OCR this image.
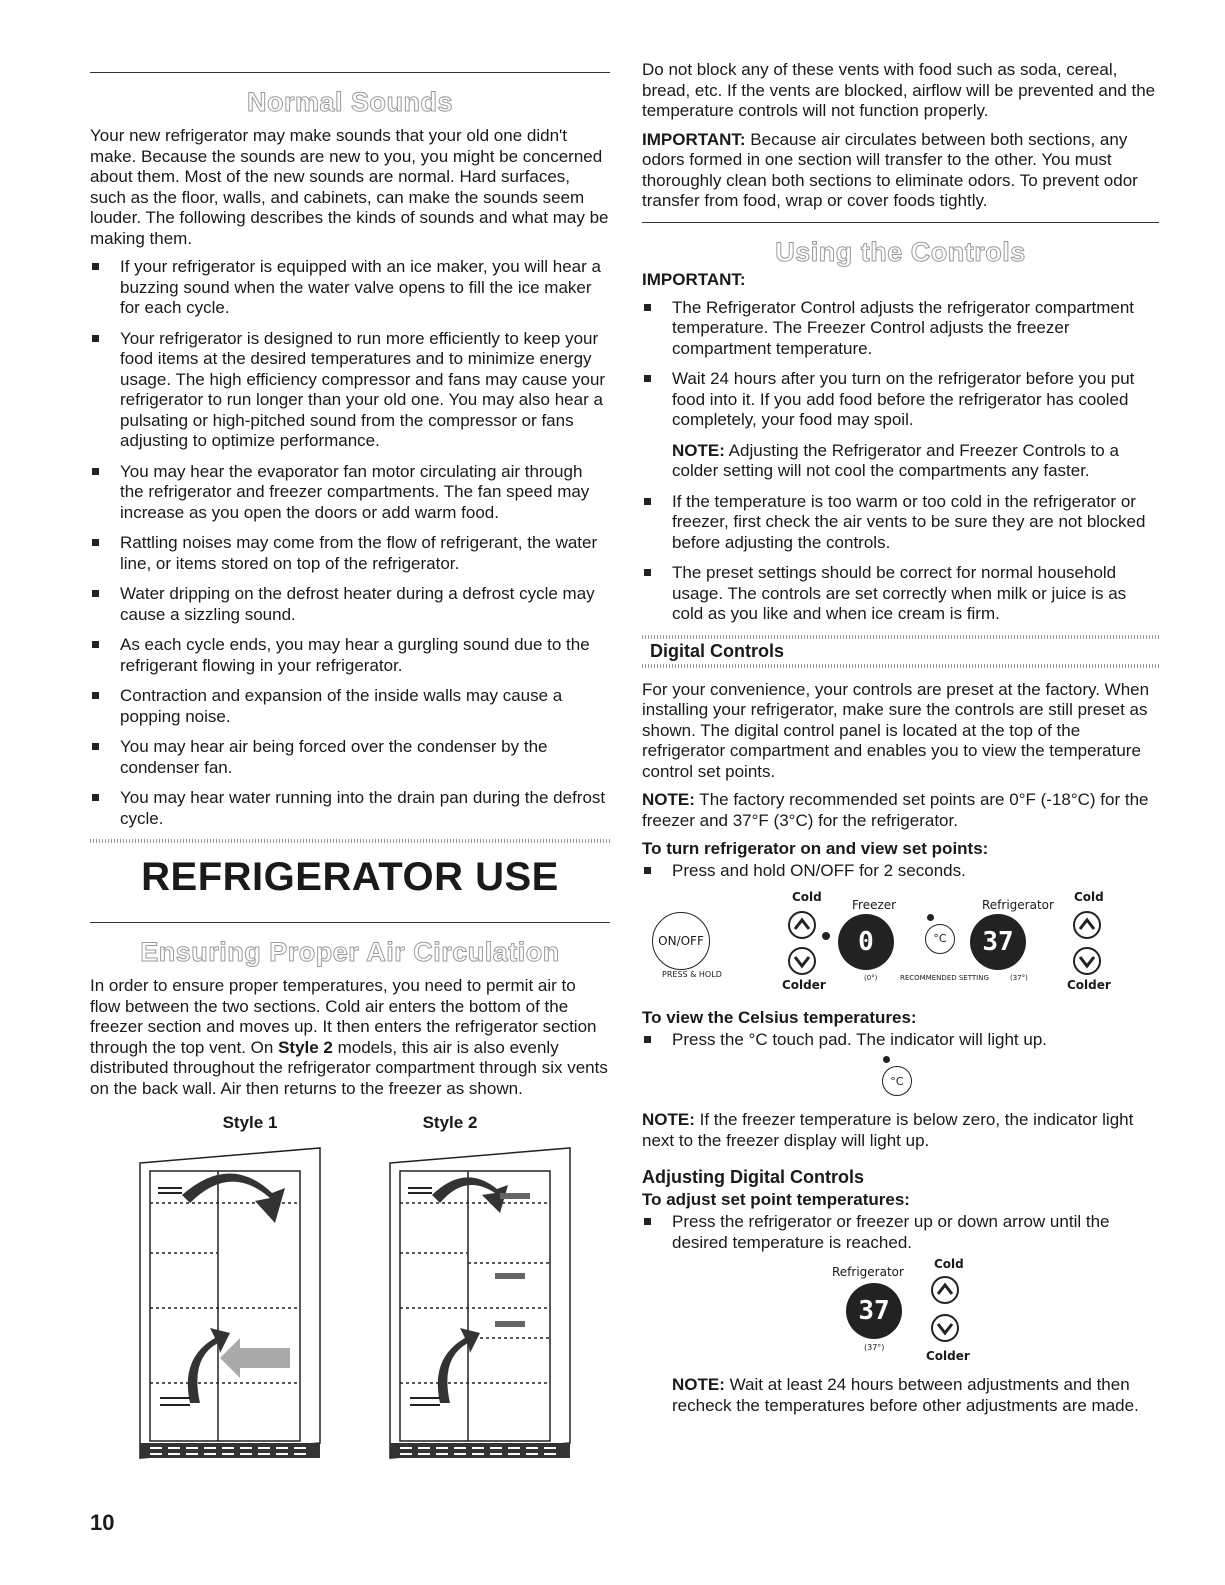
Normal Sounds

Your new refrigerator may make sounds that your old one didn't make. Because the sounds are new to you, you might be concerned about them. Most of the new sounds are normal. Hard surfaces, such as the floor, walls, and cabinets, can make the sounds seem louder. The following describes the kinds of sounds and what may be making them.

If your refrigerator is equipped with an ice maker, you will hear a buzzing sound when the water valve opens to fill the ice maker for each cycle.
Your refrigerator is designed to run more efficiently to keep your food items at the desired temperatures and to minimize energy usage. The high efficiency compressor and fans may cause your refrigerator to run longer than your old one. You may also hear a pulsating or high-pitched sound from the compressor or fans adjusting to optimize performance.
You may hear the evaporator fan motor circulating air through the refrigerator and freezer compartments. The fan speed may increase as you open the doors or add warm food.
Rattling noises may come from the flow of refrigerant, the water line, or items stored on top of the refrigerator.
Water dripping on the defrost heater during a defrost cycle may cause a sizzling sound.
As each cycle ends, you may hear a gurgling sound due to the refrigerant flowing in your refrigerator.
Contraction and expansion of the inside walls may cause a popping noise.
You may hear air being forced over the condenser by the condenser fan.
You may hear water running into the drain pan during the defrost cycle.
REFRIGERATOR USE
Ensuring Proper Air Circulation

In order to ensure proper temperatures, you need to permit air to flow between the two sections. Cold air enters the bottom of the freezer section and moves up. It then enters the refrigerator section through the top vent. On Style 2 models, this air is also evenly distributed throughout the refrigerator compartment through six vents on the back wall. Air then returns to the freezer as shown.

Style 1	Style 2

Do not block any of these vents with food such as soda, cereal, bread, etc. If the vents are blocked, airflow will be prevented and the temperature controls will not function properly.

IMPORTANT: Because air circulates between both sections, any odors formed in one section will transfer to the other. You must thoroughly clean both sections to eliminate odors. To prevent odor transfer from food, wrap or cover foods tightly.

Using the Controls
IMPORTANT:
The Refrigerator Control adjusts the refrigerator compartment temperature. The Freezer Control adjusts the freezer compartment temperature.
Wait 24 hours after you turn on the refrigerator before you put food into it. If you add food before the refrigerator has cooled completely, your food may spoil.
NOTE: Adjusting the Refrigerator and Freezer Controls to a colder setting will not cool the compartments any faster.
If the temperature is too warm or too cold in the refrigerator or freezer, first check the air vents to be sure they are not blocked before adjusting the controls.
The preset settings should be correct for normal household usage. The controls are set correctly when milk or juice is as cold as you like and when ice cream is firm.
Digital Controls

For your convenience, your controls are preset at the factory. When installing your refrigerator, make sure the controls are still preset as shown. The digital control panel is located at the top of the refrigerator compartment and enables you to view the temperature control set points.

NOTE: The factory recommended set points are 0°F (-18°C) for the freezer and 37°F (3°C) for the refrigerator.

To turn refrigerator on and view set points:
Press and hold ON/OFF for 2 seconds.
Cold
Freezer	Refrigerator
Cold
ON/OFF
PRESS & HOLD
0	°C	37
Colder	(0°)	RECOMMENDED SETTING	(37°)	Colder
To view the Celsius temperatures:
Press the °C touch pad. The indicator will light up.
°C

NOTE: If the freezer temperature is below zero, the indicator light next to the freezer display will light up.

Adjusting Digital Controls
To adjust set point temperatures:
Press the refrigerator or freezer up or down arrow until the desired temperature is reached.
Refrigerator
Cold
37
(37°)
Colder

NOTE: Wait at least 24 hours between adjustments and then recheck the temperatures before other adjustments are made.

10
